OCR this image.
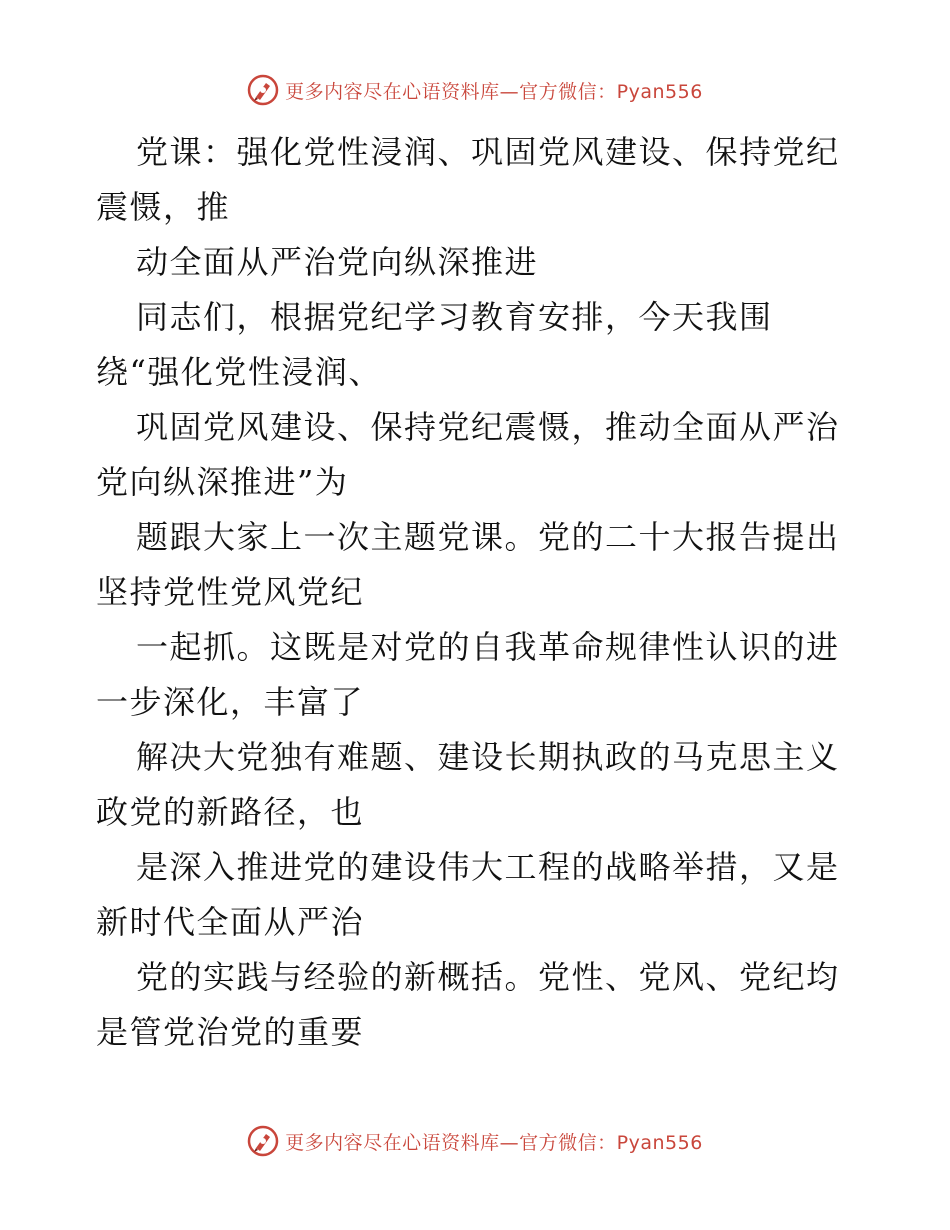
更多内容尽在心语资料库—官方微信：Pyan556
党课：强化党性浸润、巩固党风建设、保持党纪
震慑，推
动全面从严治党向纵深推进
同志们，根据党纪学习教育安排，今天我围
绕“强化党性浸润、
巩固党风建设、保持党纪震慑，推动全面从严治
党向纵深推进”为
题跟大家上一次主题党课。党的二十大报告提出
坚持党性党风党纪
一起抓。这既是对党的自我革命规律性认识的进
一步深化，丰富了
解决大党独有难题、建设长期执政的马克思主义
政党的新路径，也
是深入推进党的建设伟大工程的战略举措，又是
新时代全面从严治
党的实践与经验的新概括。党性、党风、党纪均
是管党治党的重要
更多内容尽在心语资料库—官方微信：Pyan556
